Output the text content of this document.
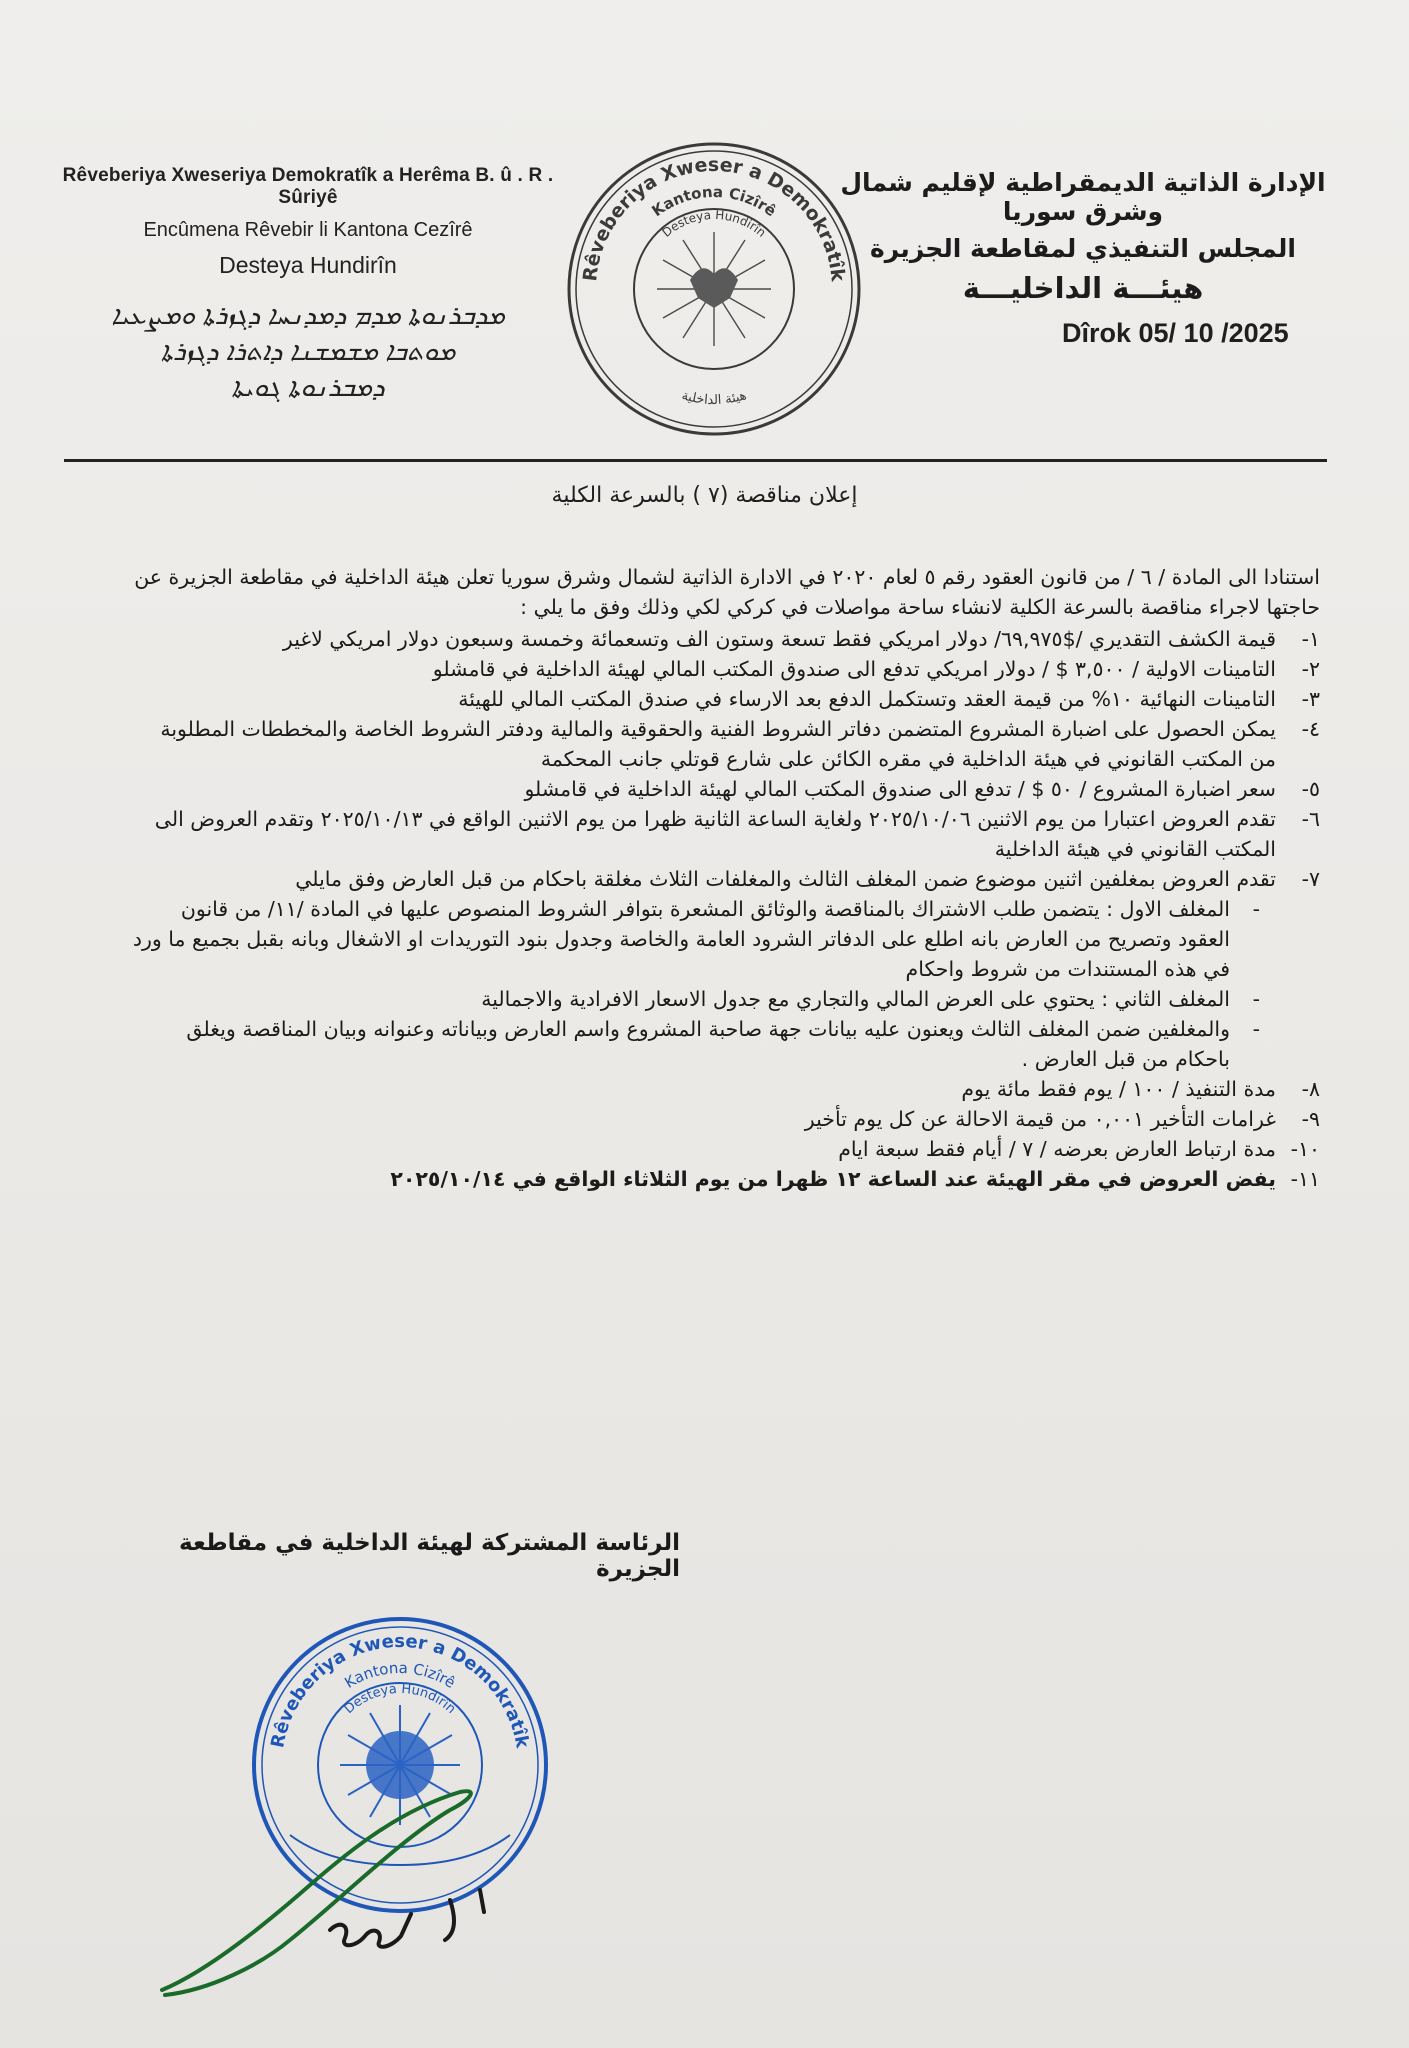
Rêveberiya Xweseriya Demokratîk a Herêma B. û . R . Sûriyê
Encûmena Rêvebir li Kantona Cezîrê
Desteya Hundirîn
ܡܕܒܪܢܘܬܐ ܡܕܡ ܕܡܕܢܚܐ ܕܓܙܪܬܐ ܘܡܨܥܝܐ
ܡܘܬܒܐ ܡܫܡܫܢܐ ܕܐܬܪܐ ܕܓܙܪܬܐ
ܕܡܒܪܢܘܬܐ ܓܘܝܬܐ
Rêveberiya Xweser a Demokratîk
Kantona Cizîrê
Desteya Hundirîn
هيئة الداخلية
الإدارة الذاتية الديمقراطية لإقليم شمال وشرق سوريا
المجلس التنفيذي لمقاطعة الجزيرة
هيئـــة الداخليـــة
Dîrok 05/ 10 /2025
إعلان مناقصة (٧ ) بالسرعة الكلية

استنادا الى المادة / ٦ / من قانون العقود رقم ٥ لعام ٢٠٢٠ في الادارة الذاتية لشمال وشرق سوريا تعلن هيئة الداخلية في مقاطعة الجزيرة عن حاجتها لاجراء مناقصة بالسرعة الكلية لانشاء ساحة مواصلات في كركي لكي وذلك وفق ما يلي :

١-
قيمة الكشف التقديري /$٦٩,٩٧٥/ دولار امريكي فقط تسعة وستون الف وتسعمائة وخمسة وسبعون دولار امريكي لاغير
٢-
التامينات الاولية / ٣,٥٠٠ $ / دولار امريكي تدفع الى صندوق المكتب المالي لهيئة الداخلية في قامشلو
٣-
التامينات النهائية ١٠% من قيمة العقد وتستكمل الدفع بعد الارساء في صندق المكتب المالي للهيئة
٤-
يمكن الحصول على اضبارة المشروع المتضمن دفاتر الشروط الفنية والحقوقية والمالية ودفتر الشروط الخاصة والمخططات المطلوبة من المكتب القانوني في هيئة الداخلية في مقره الكائن على شارع قوتلي جانب المحكمة
٥-
سعر اضبارة المشروع / ٥٠ $ / تدفع الى صندوق المكتب المالي لهيئة الداخلية في قامشلو
٦-
تقدم العروض اعتبارا من يوم الاثنين ٢٠٢٥/١٠/٠٦ ولغاية الساعة الثانية ظهرا من يوم الاثنين الواقع في ٢٠٢٥/١٠/١٣ وتقدم العروض الى المكتب القانوني في هيئة الداخلية
٧-
تقدم العروض بمغلفين اثنين موضوع ضمن المغلف الثالث والمغلفات الثلاث مغلقة باحكام من قبل العارض وفق مايلي
-
المغلف الاول : يتضمن طلب الاشتراك بالمناقصة والوثائق المشعرة بتوافر الشروط المنصوص عليها في المادة /١١/ من قانون العقود وتصريح من العارض بانه اطلع على الدفاتر الشرود العامة والخاصة وجدول بنود التوريدات او الاشغال وبانه بقبل بجميع ما ورد في هذه المستندات من شروط واحكام
-
المغلف الثاني : يحتوي على العرض المالي والتجاري مع جدول الاسعار الافرادية والاجمالية
-
والمغلفين ضمن المغلف الثالث ويعنون عليه بيانات جهة صاحبة المشروع واسم العارض وبياناته وعنوانه وبيان المناقصة ويغلق باحكام من قبل العارض .
٨-
مدة التنفيذ / ١٠٠ / يوم فقط مائة يوم
٩-
غرامات التأخير ٠,٠٠١ من قيمة الاحالة عن كل يوم تأخير
١٠-
مدة ارتباط العارض بعرضه / ٧ / أيام فقط سبعة ايام
١١-
يفض العروض في مقر الهيئة عند الساعة ١٢ ظهرا من يوم الثلاثاء الواقع في ٢٠٢٥/١٠/١٤
الرئاسة المشتركة لهيئة الداخلية في مقاطعة الجزيرة
Rêveberiya Xweser a Demokratîk
Kantona Cizîrê
Desteya Hundirîn
